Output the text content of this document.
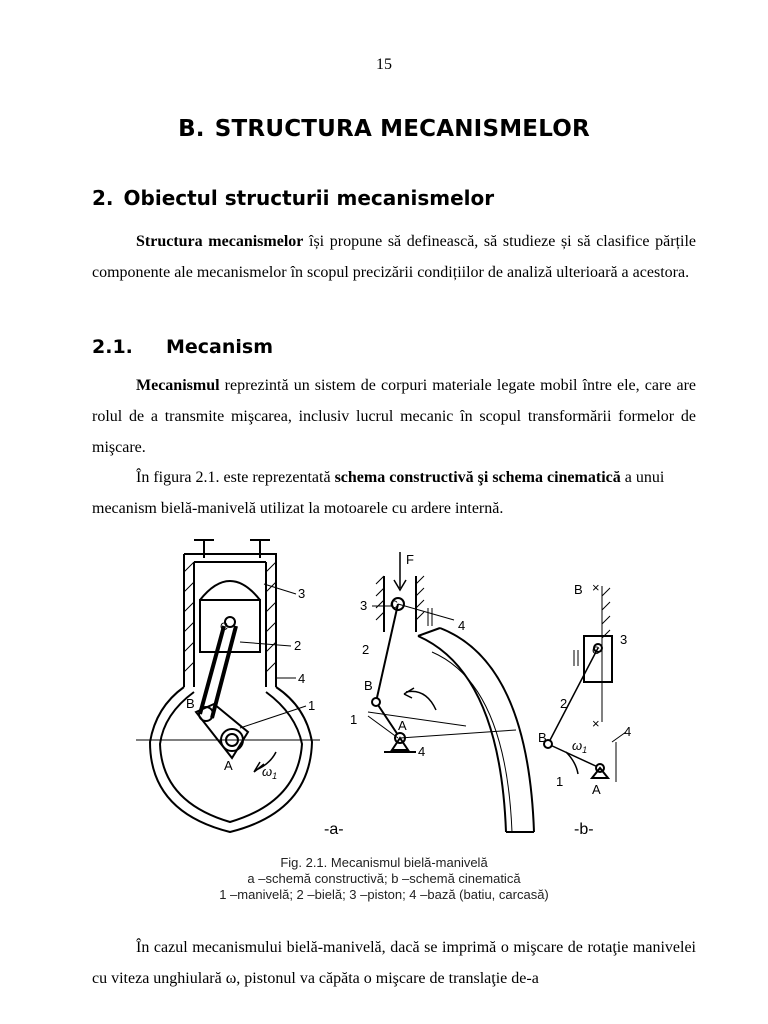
15
B. STRUCTURA MECANISMELOR
2. Obiectul structurii mecanismelor

Structura mecanismelor își propune să definească, să studieze și să clasifice părțile componente ale mecanismelor în scopul precizării condițiilor de analiză ulterioară a acestora.

2.1. Mecanism

Mecanismul reprezintă un sistem de corpuri materiale legate mobil între ele, care are rolul de a transmite mişcarea, inclusiv lucrul mecanic în scopul transformării formelor de mişcare.

În figura 2.1. este reprezentată schema constructivă şi schema cinematică a unui mecanism bielă-manivelă utilizat la motoarele cu ardere internă.

3
2
4
1
B
A
C
$\omega_1$
-a-
F
3 C
4
2
B
1	A
4
B ×
3
C
2
×
B
$\omega_1$
4
1
A
-b-
Fig. 2.1. Mecanismul bielă-manivelă
a –schemă constructivă; b –schemă cinematică
1 –manivelă; 2 –bielă; 3 –piston; 4 –bază (batiu, carcasă)

În cazul mecanismului bielă-manivelă, dacă se imprimă o mişcare de rotaţie manivelei cu viteza unghiulară ω, pistonul va căpăta o mişcare de translaţie de-a
